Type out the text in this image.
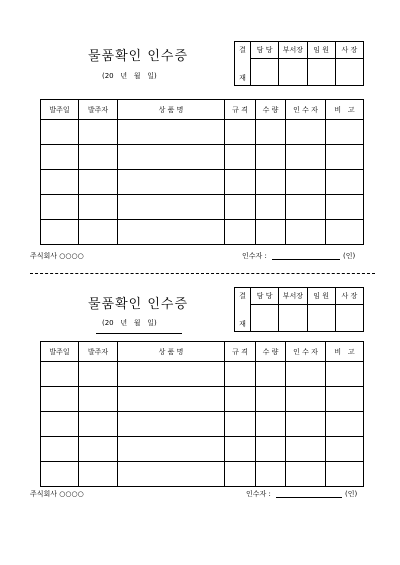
물품확인 인수증
(20   년   월   일)
결

재	담 당	부서장	임 원	사 장

발주일	발주자	상 품 명	규 격	수 량	인 수 자	비   고

주식회사 ○○○○	인수자 :	(인)
물품확인 인수증
(20   년   월   일)
결

재	담 당	부서장	임 원	사 장

발주일	발주자	상 품 명	규 격	수 량	인 수 자	비   고

주식회사 ○○○○	인수자 :	(인)
